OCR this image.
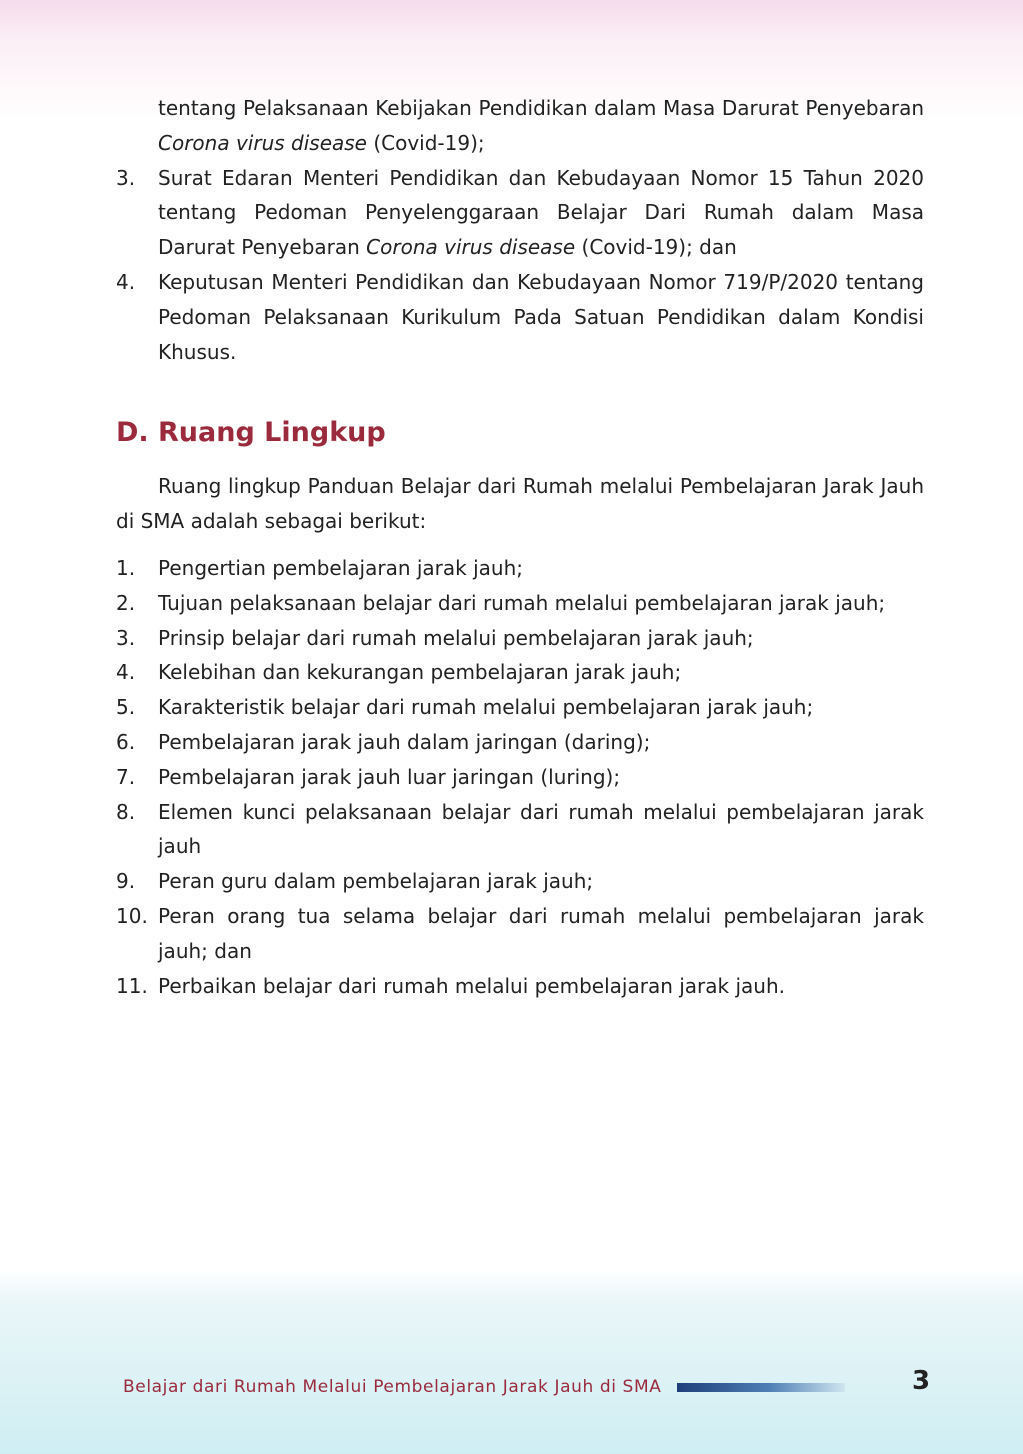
tentang Pelaksanaan Kebijakan Pendidikan dalam Masa Darurat Penyebaran Corona virus disease (Covid-19);
3.	Surat Edaran Menteri Pendidikan dan Kebudayaan Nomor 15 Tahun 2020 tentang Pedoman Penyelenggaraan Belajar Dari Rumah dalam Masa Darurat Penyebaran Corona virus disease (Covid-19); dan
4.	Keputusan Menteri Pendidikan dan Kebudayaan Nomor 719/P/2020 tentang Pedoman Pelaksanaan Kurikulum Pada Satuan Pendidikan dalam Kondisi Khusus.
D. Ruang Lingkup
Ruang lingkup Panduan Belajar dari Rumah melalui Pembelajaran Jarak Jauh di SMA adalah sebagai berikut:
1.	Pengertian pembelajaran jarak jauh;
2.	Tujuan pelaksanaan belajar dari rumah melalui pembelajaran jarak jauh;
3.	Prinsip belajar dari rumah melalui pembelajaran jarak jauh;
4.	Kelebihan dan kekurangan pembelajaran jarak jauh;
5.	Karakteristik belajar dari rumah melalui pembelajaran jarak jauh;
6.	Pembelajaran jarak jauh dalam jaringan (daring);
7.	Pembelajaran jarak jauh luar jaringan (luring);
8.	Elemen kunci pelaksanaan belajar dari rumah melalui pembelajaran jarak jauh
9.	Peran guru dalam pembelajaran jarak jauh;
10. Peran orang tua selama belajar dari rumah melalui pembelajaran jarak jauh; dan
11. Perbaikan belajar dari rumah melalui pembelajaran jarak jauh.
Belajar dari Rumah Melalui Pembelajaran Jarak Jauh di SMA	3
